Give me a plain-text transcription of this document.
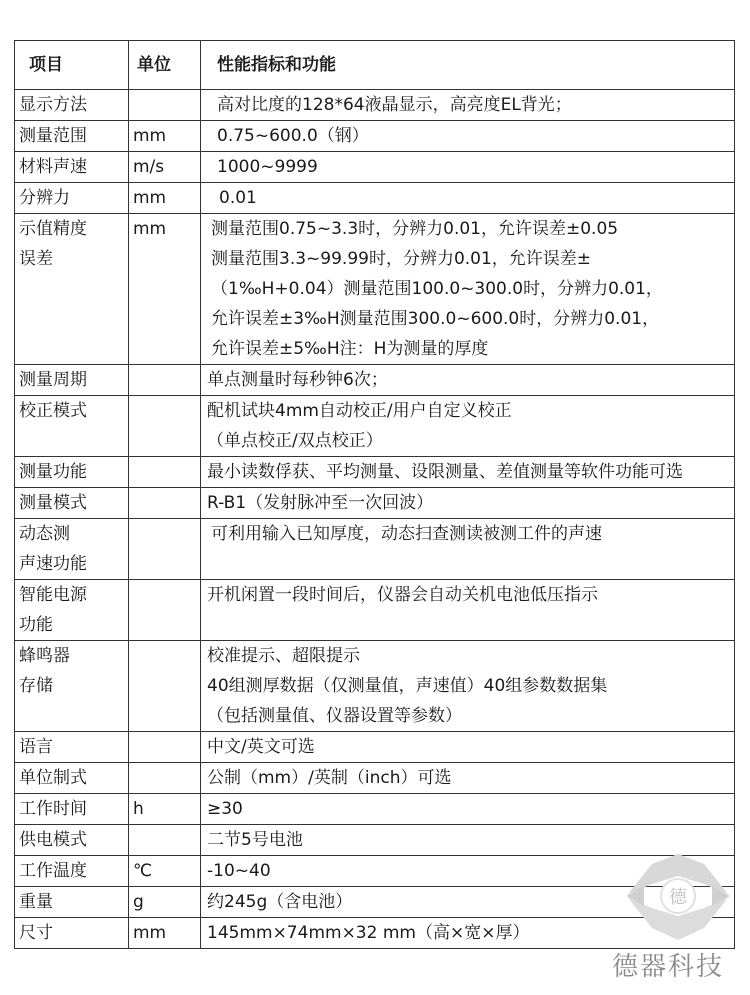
项目	单位	性能指标和功能

显示方法		高对比度的128*64液晶显示，高亮度EL背光；

测量范围	mm	0.75~600.0（钢）

材料声速	m/s	1000~9999

分辨力	mm	0.01

示值精度
误差	mm	测量范围0.75~3.3时，分辨力0.01，允许误差±0.05
测量范围3.3~99.99时，分辨力0.01，允许误差±
（1‰H+0.04）测量范围100.0~300.0时，分辨力0.01，
允许误差±3‰H测量范围300.0~600.0时，分辨力0.01，
允许误差±5‰H注：H为测量的厚度

测量周期		单点测量时每秒钟6次；

校正模式		配机试块4mm自动校正/用户自定义校正
（单点校正/双点校正）

测量功能		最小读数俘获、平均测量、设限测量、差值测量等软件功能可选

测量模式		R-B1（发射脉冲至一次回波）

动态测
声速功能		可利用输入已知厚度，动态扫查测读被测工件的声速

智能电源
功能		开机闲置一段时间后，仪器会自动关机电池低压指示

蜂鸣器
存储		校准提示、超限提示
40组测厚数据（仅测量值，声速值）40组参数数据集
（包括测量值、仪器设置等参数）

语言		中文/英文可选

单位制式		公制（mm）/英制（inch）可选

工作时间	h	≥30

供电模式		二节5号电池

工作温度	℃	-10~40

重量	g	约245g（含电池）

尺寸	mm	145mm×74mm×32 mm（高×宽×厚）
德
德器科技
